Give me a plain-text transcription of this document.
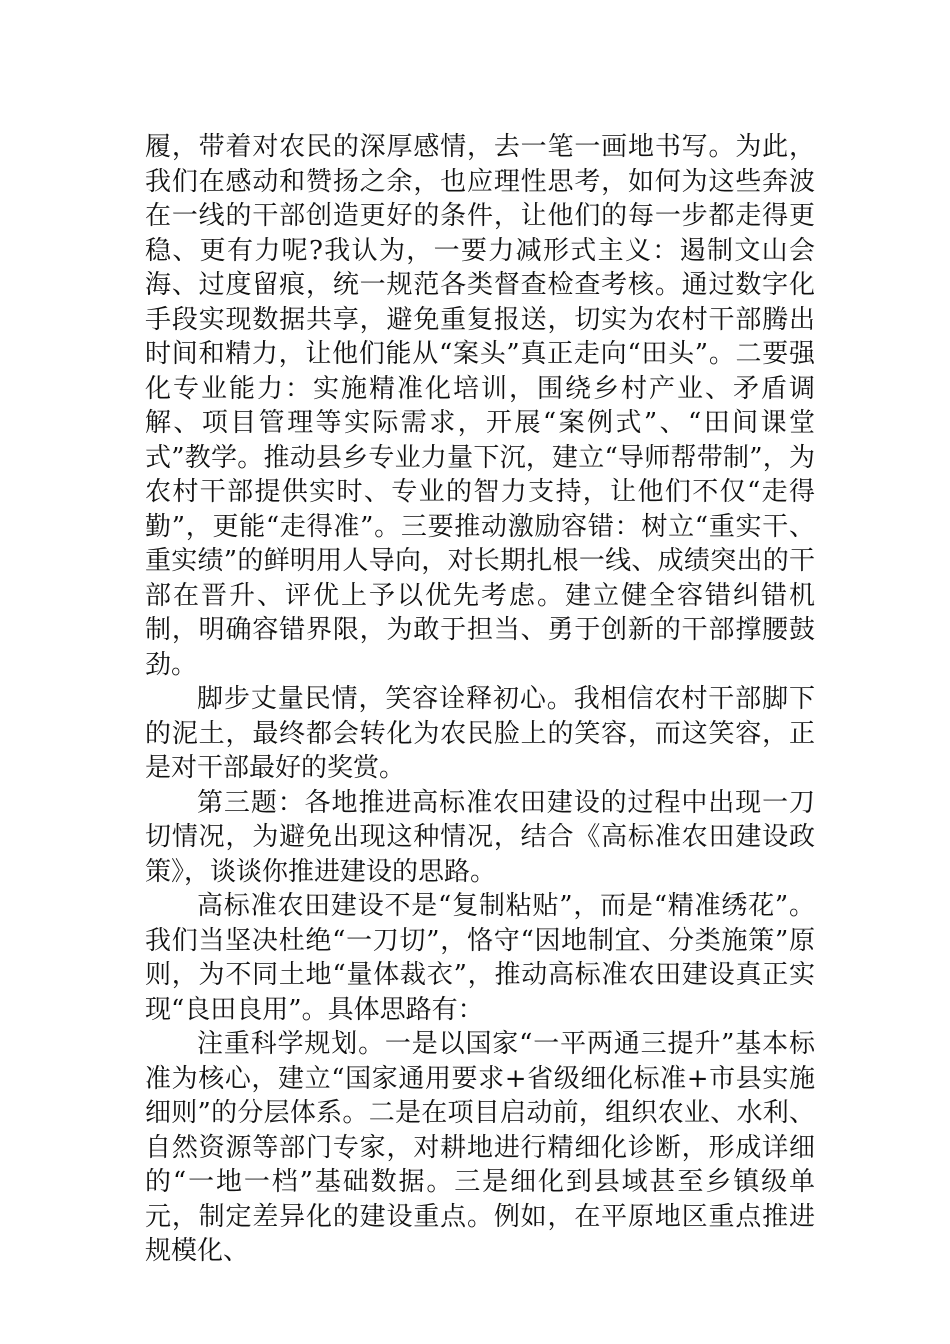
履，带着对农民的深厚感情，去一笔一画地书写。为此，我们在感动和赞扬之余，也应理性思考，如何为这些奔波在一线的干部创造更好的条件，让他们的每一步都走得更稳、更有力呢?我认为，一要力减形式主义：遏制文山会海、过度留痕，统一规范各类督查检查考核。通过数字化手段实现数据共享，避免重复报送，切实为农村干部腾出时间和精力，让他们能从“案头”真正走向“田头”。二要强化专业能力：实施精准化培训，围绕乡村产业、矛盾调解、项目管理等实际需求，开展“案例式”、“田间课堂式”教学。推动县乡专业力量下沉，建立“导师帮带制”，为农村干部提供实时、专业的智力支持，让他们不仅“走得勤”，更能“走得准”。三要推动激励容错：树立“重实干、重实绩”的鲜明用人导向，对长期扎根一线、成绩突出的干部在晋升、评优上予以优先考虑。建立健全容错纠错机制，明确容错界限，为敢于担当、勇于创新的干部撑腰鼓劲。

脚步丈量民情，笑容诠释初心。我相信农村干部脚下的泥土，最终都会转化为农民脸上的笑容，而这笑容，正是对干部最好的奖赏。

第三题：各地推进高标准农田建设的过程中出现一刀切情况，为避免出现这种情况，结合《高标准农田建设政策》，谈谈你推进建设的思路。

高标准农田建设不是“复制粘贴”，而是“精准绣花”。我们当坚决杜绝“一刀切”，恪守“因地制宜、分类施策”原则，为不同土地“量体裁衣”，推动高标准农田建设真正实现“良田良用”。具体思路有：

注重科学规划。一是以国家“一平两通三提升”基本标准为核心，建立“国家通用要求+省级细化标准+市县实施细则”的分层体系。二是在项目启动前，组织农业、水利、自然资源等部门专家，对耕地进行精细化诊断，形成详细的“一地一档”基础数据。三是细化到县域甚至乡镇级单元，制定差异化的建设重点。例如，在平原地区重点推进规模化、
